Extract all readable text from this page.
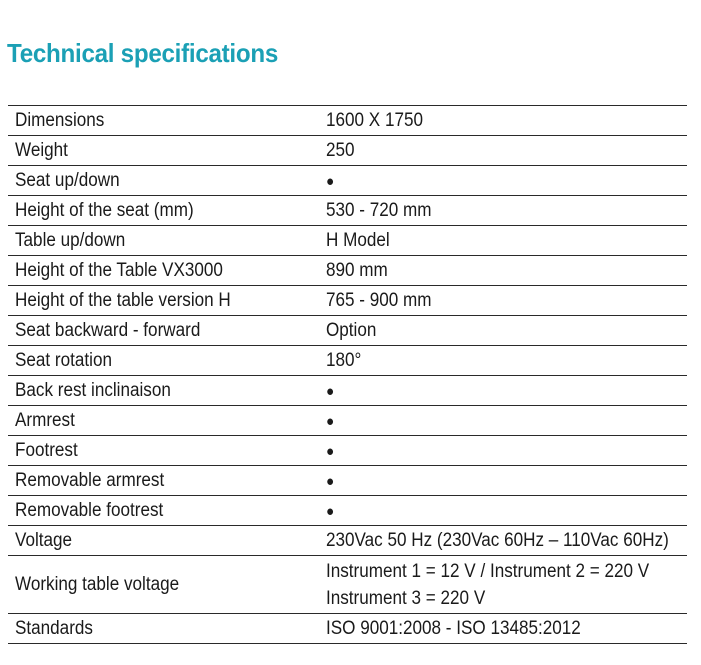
Technical specifications
Dimensions	1600 X 1750

Weight	250

Seat up/down	●

Height of the seat (mm)	530 - 720 mm

Table up/down	H Model

Height of the Table VX3000	890 mm

Height of the table version H	765 - 900 mm

Seat backward - forward	Option

Seat rotation	180°

Back rest inclinaison	●

Armrest	●

Footrest	●

Removable armrest	●

Removable footrest	●

Voltage	230Vac 50 Hz (230Vac 60Hz – 110Vac 60Hz)

Working table voltage	Instrument 1 = 12 V / Instrument 2 = 220 V
Instrument 3 = 220 V

Standards	ISO 9001:2008 - ISO 13485:2012
